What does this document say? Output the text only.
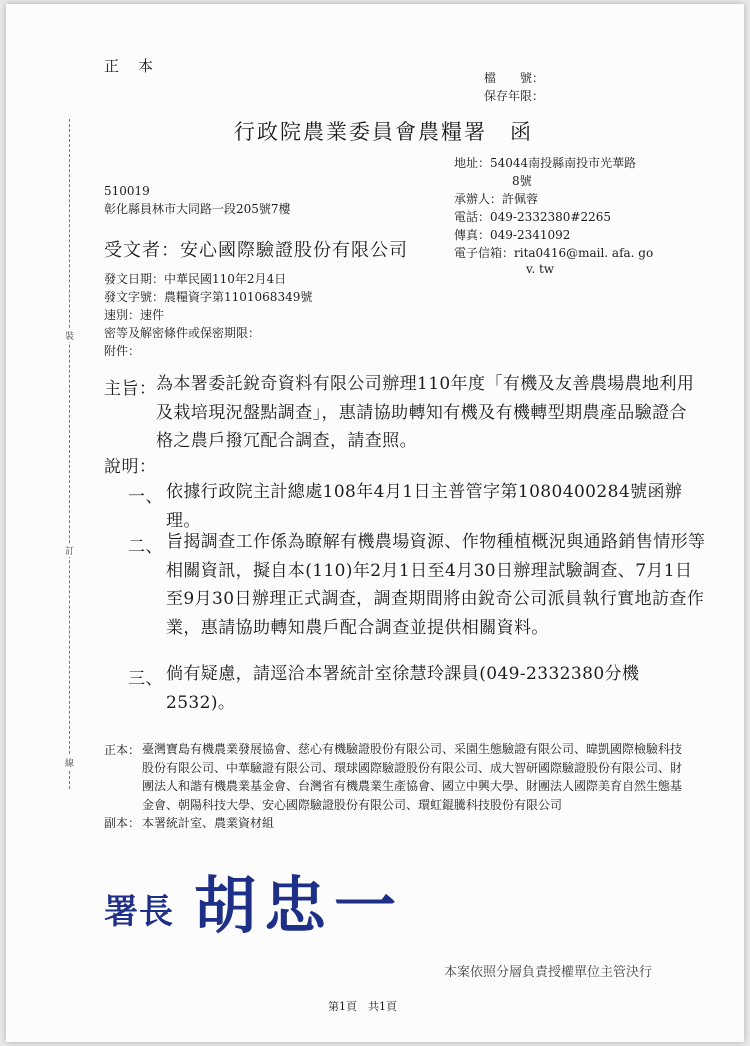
正　本
檔　　號：
保存年限：
行政院農業委員會農糧署　函
地址：54044南投縣南投市光華路
8號
承辦人：許佩蓉
電話：049-2332380#2265
傳真：049-2341092
電子信箱：rita0416@mail. afa. go
v. tw
510019
彰化縣員林市大同路一段205號7樓
受文者：安心國際驗證股份有限公司
發文日期：中華民國110年2月4日
發文字號：農糧資字第1101068349號
速別：速件
密等及解密條件或保密期限：
附件：
裝
訂
線
主旨： 為本署委託銳奇資料有限公司辦理110年度「有機及友善農場農地利用及栽培現況盤點調查」，惠請協助轉知有機及有機轉型期農產品驗證合格之農戶撥冗配合調查，請查照。
說明：
一、 依據行政院主計總處108年4月1日主普管字第1080400284號函辦理。
二、 旨揭調查工作係為瞭解有機農場資源、作物種植概況與通路銷售情形等相關資訊，擬自本(110)年2月1日至4月30日辦理試驗調查、7月1日至9月30日辦理正式調查，調查期間將由銳奇公司派員執行實地訪查作業，惠請協助轉知農戶配合調查並提供相關資料。
三、 倘有疑慮，請逕洽本署統計室徐慧玲課員(049-2332380分機2532)。
正本： 臺灣寶島有機農業發展協會、慈心有機驗證股份有限公司、采園生態驗證有限公司、暐凱國際檢驗科技股份有限公司、中華驗證有限公司、環球國際驗證股份有限公司、成大智研國際驗證股份有限公司、財團法人和諧有機農業基金會、台灣省有機農業生產協會、國立中興大學、財團法人國際美育自然生態基金會、朝陽科技大學、安心國際驗證股份有限公司、環虹錕騰科技股份有限公司
副本： 本署統計室、農業資材組
署長 胡忠一
本案依照分層負責授權單位主管決行
第1頁　共1頁
